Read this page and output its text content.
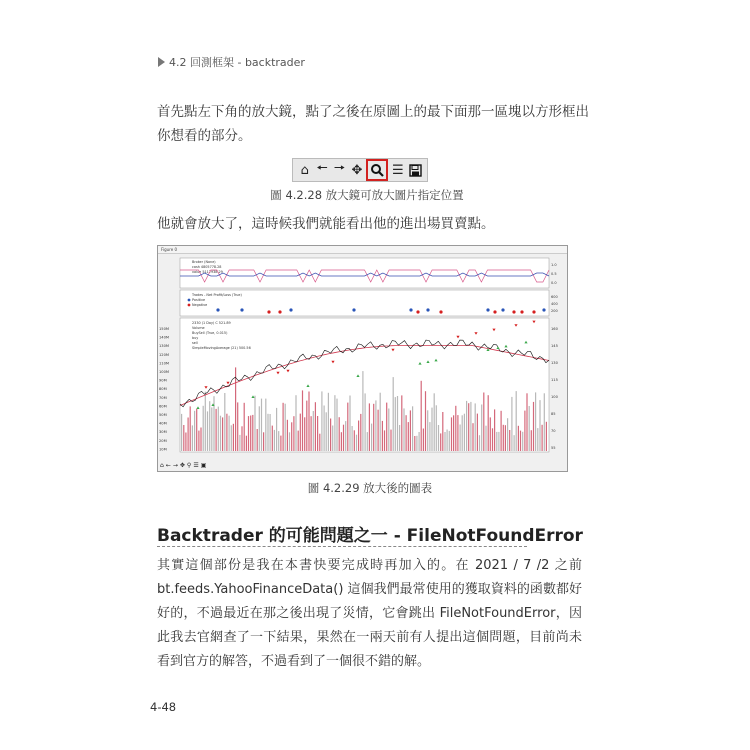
4.2 回測框架 - backtrader
首先點左下角的放大鏡，點了之後在原圖上的最下面那一區塊以方形框出你想看的部分。
⌂ 🠔 🠖 ✥ ☰
圖 4.2.28 放大鏡可放大圖片指定位置
他就會放大了，這時候我們就能看出他的進出場買賣點。
Figure 0
Broker (None)
cash 4805778.28
value 5112938.29
1.0
0.5
0.0
Trades - Net Profit/Loss (True)
Positive
Negative
600
400
200
2330 (1 Day) C 521.89
Volume
BuySell (True, 0.015)
buy
sell
SimpleMovingAverage (21) 500.56
150M
140M
130M
120M
110M
100M
90M
80M
70M
60M
50M
40M
30M
20M
10M
160
145
130
115
100
85
70
55
⌂ ← → ✥ ⚲ ☰ ▣
圖 4.2.29 放大後的圖表
Backtrader 的可能問題之一 - FileNotFoundError
其實這個部份是我在本書快要完成時再加入的。在 2021 / 7 /2 之前 bt.feeds.YahooFinanceData() 這個我們最常使用的獲取資料的函數都好好的，不過最近在那之後出現了災情，它會跳出 FileNotFoundError，因此我去官網查了一下結果，果然在一兩天前有人提出這個問題，目前尚未看到官方的解答，不過看到了一個很不錯的解。
4-48
